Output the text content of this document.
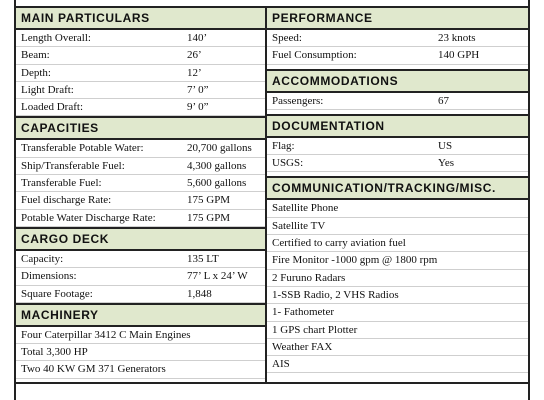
MAIN PARTICULARS
Length Overall:	140’
Beam:	26’
Depth:	12’
Light Draft:	7’ 0”
Loaded Draft:	9’ 0”
CAPACITIES
Transferable Potable Water:	20,700 gallons
Ship/Transferable Fuel:	4,300 gallons
Transferable Fuel:	5,600 gallons
Fuel discharge Rate:	175 GPM
Potable Water Discharge Rate:	175 GPM
CARGO DECK
Capacity:	135 LT
Dimensions:	77’ L x 24’ W
Square Footage:	1,848
MACHINERY
Four Caterpillar 3412 C Main Engines
Total 3,300 HP
Two 40 KW GM 371 Generators
PERFORMANCE
Speed:	23 knots
Fuel Consumption:	140 GPH
ACCOMMODATIONS
Passengers:	67
DOCUMENTATION
Flag:	US
USGS:	Yes
COMMUNICATION/TRACKING/MISC.
Satellite Phone
Satellite TV
Certified to carry aviation fuel
Fire Monitor -1000 gpm @ 1800 rpm
2 Furuno Radars
1-SSB Radio, 2 VHS Radios
1- Fathometer
1 GPS chart Plotter
Weather FAX
AIS
